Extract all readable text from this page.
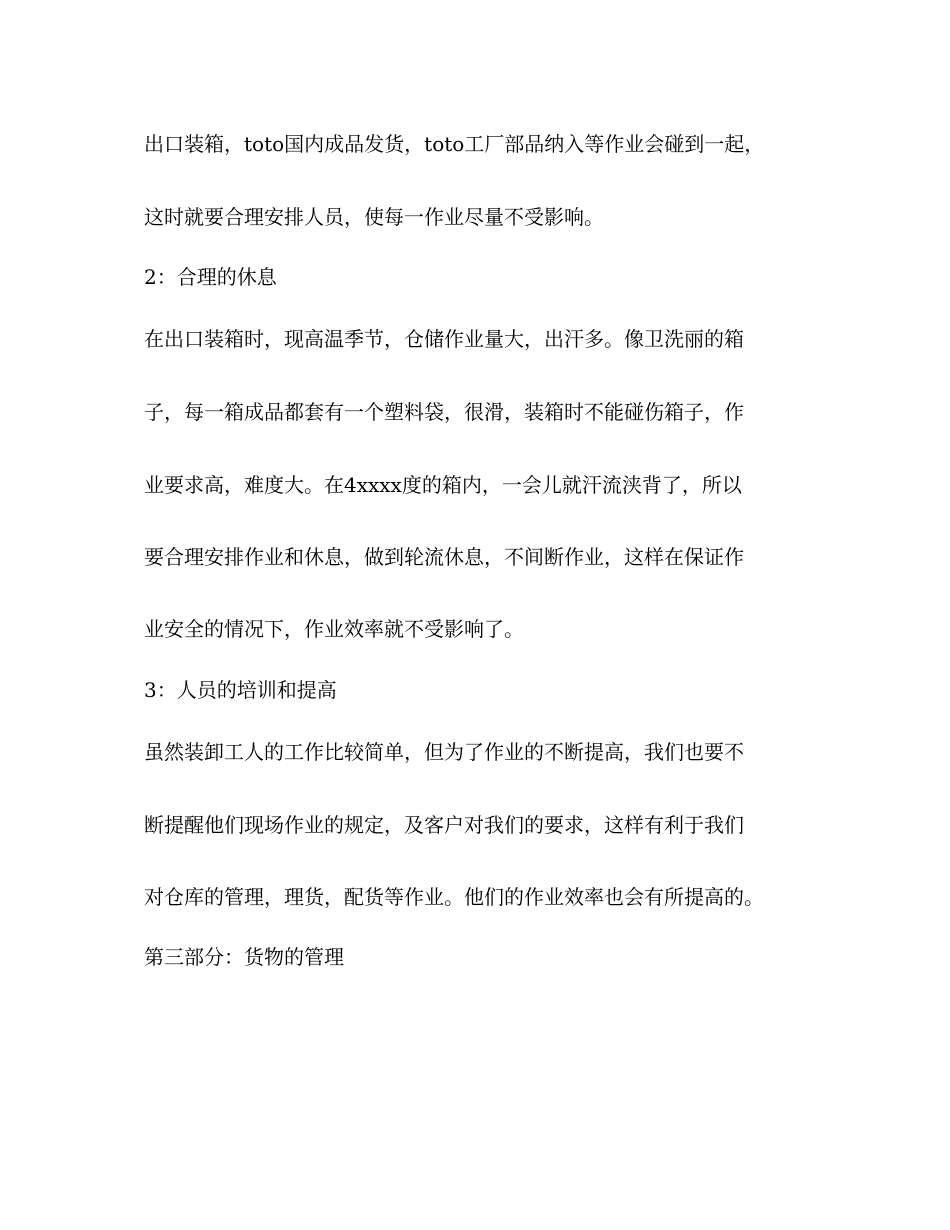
出口装箱，toto国内成品发货，toto工厂部品纳入等作业会碰到一起，
这时就要合理安排人员，使每一作业尽量不受影响。
2：合理的休息
在出口装箱时，现高温季节，仓储作业量大，出汗多。像卫洗丽的箱
子，每一箱成品都套有一个塑料袋，很滑，装箱时不能碰伤箱子，作
业要求高，难度大。在4xxxx度的箱内，一会儿就汗流浃背了，所以
要合理安排作业和休息，做到轮流休息，不间断作业，这样在保证作
业安全的情况下，作业效率就不受影响了。
3：人员的培训和提高
虽然装卸工人的工作比较简单，但为了作业的不断提高，我们也要不
断提醒他们现场作业的规定，及客户对我们的要求，这样有利于我们
对仓库的管理，理货，配货等作业。他们的作业效率也会有所提高的。
第三部分：货物的管理
